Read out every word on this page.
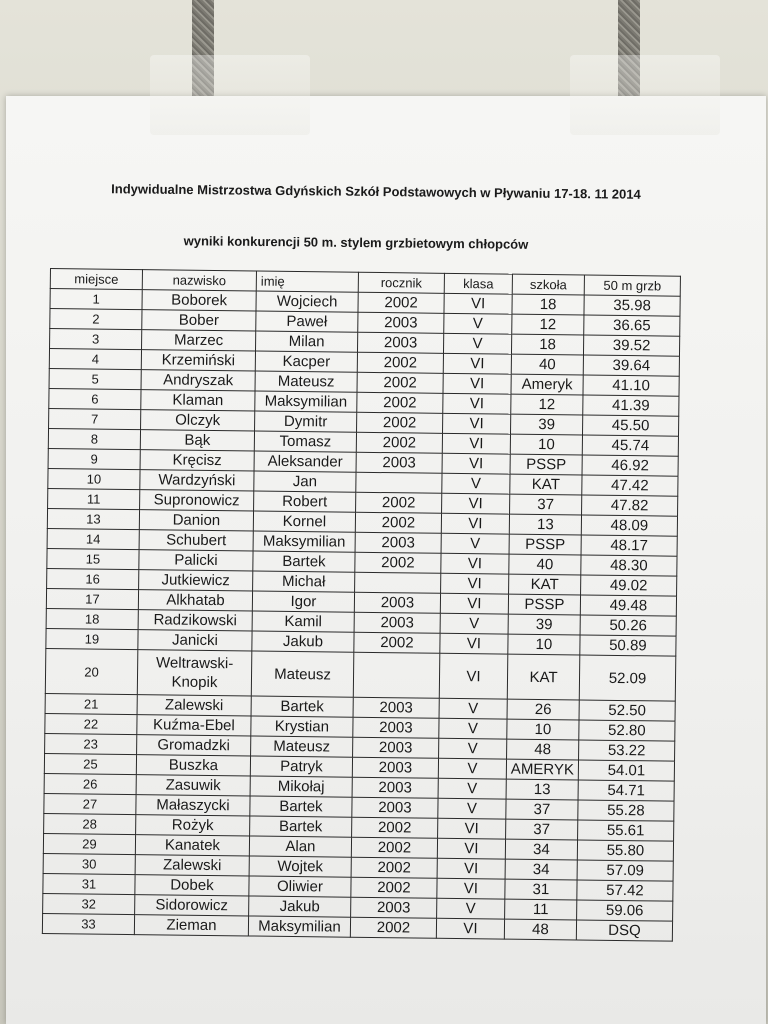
Indywidualne Mistrzostwa Gdyńskich Szkół Podstawowych w Pływaniu 17-18. 11 2014
wyniki konkurencji 50 m. stylem grzbietowym chłopców
miejsce	nazwisko	imię	rocznik	klasa	szkoła	50 m grzb
1	Boborek	Wojciech	2002	VI	18	35.98
2	Bober	Paweł	2003	V	12	36.65
3	Marzec	Milan	2003	V	18	39.52
4	Krzemiński	Kacper	2002	VI	40	39.64
5	Andryszak	Mateusz	2002	VI	Ameryk	41.10
6	Klaman	Maksymilian	2002	VI	12	41.39
7	Olczyk	Dymitr	2002	VI	39	45.50
8	Bąk	Tomasz	2002	VI	10	45.74
9	Kręcisz	Aleksander	2003	VI	PSSP	46.92
10	Wardzyński	Jan		V	KAT	47.42
11	Supronowicz	Robert	2002	VI	37	47.82
13	Danion	Kornel	2002	VI	13	48.09
14	Schubert	Maksymilian	2003	V	PSSP	48.17
15	Palicki	Bartek	2002	VI	40	48.30
16	Jutkiewicz	Michał		VI	KAT	49.02
17	Alkhatab	Igor	2003	VI	PSSP	49.48
18	Radzikowski	Kamil	2003	V	39	50.26
19	Janicki	Jakub	2002	VI	10	50.89
20	Weltrawski-Knopik	Mateusz		VI	KAT	52.09
21	Zalewski	Bartek	2003	V	26	52.50
22	Kuźma-Ebel	Krystian	2003	V	10	52.80
23	Gromadzki	Mateusz	2003	V	48	53.22
25	Buszka	Patryk	2003	V	AMERYK	54.01
26	Zasuwik	Mikołaj	2003	V	13	54.71
27	Małaszycki	Bartek	2003	V	37	55.28
28	Rożyk	Bartek	2002	VI	37	55.61
29	Kanatek	Alan	2002	VI	34	55.80
30	Zalewski	Wojtek	2002	VI	34	57.09
31	Dobek	Oliwier	2002	VI	31	57.42
32	Sidorowicz	Jakub	2003	V	11	59.06
33	Zieman	Maksymilian	2002	VI	48	DSQ
